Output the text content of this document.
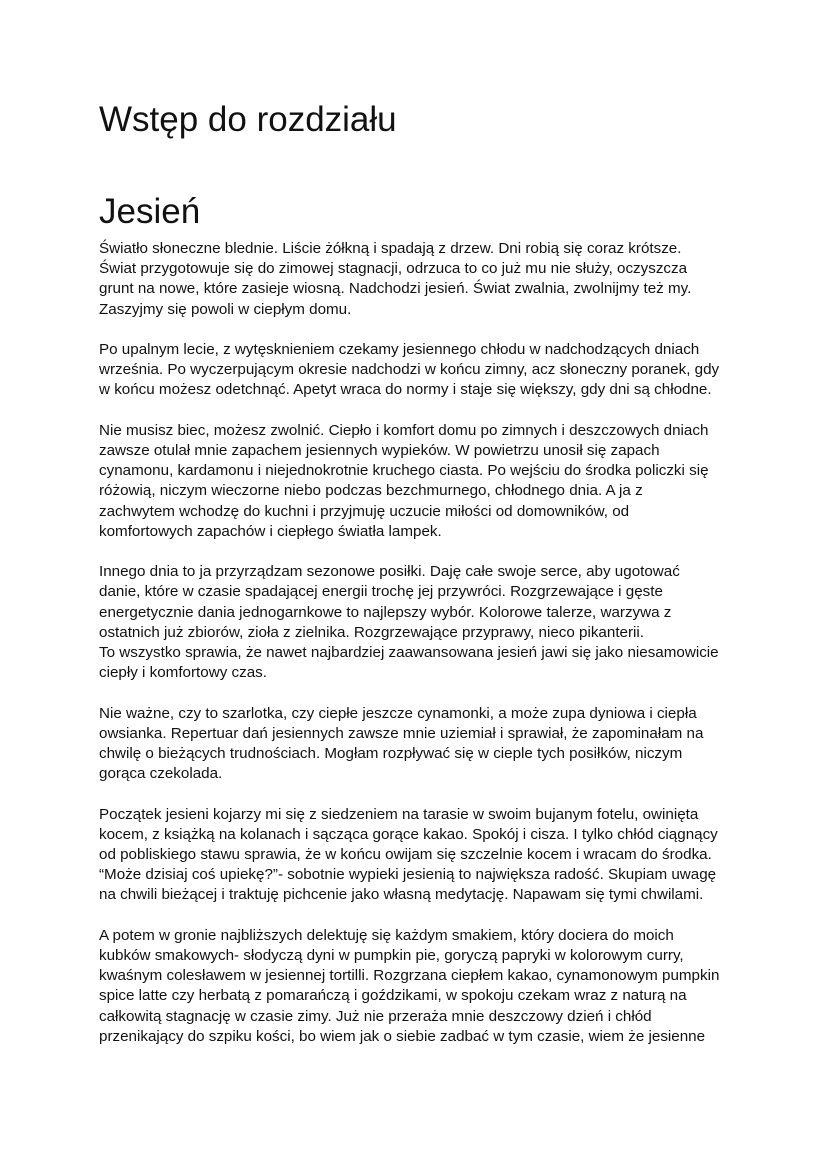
Wstęp do rozdziału
Jesień
Światło słoneczne blednie. Liście żółkną i spadają z drzew. Dni robią się coraz krótsze.
Świat przygotowuje się do zimowej stagnacji, odrzuca to co już mu nie służy, oczyszcza
grunt na nowe, które zasieje wiosną. Nadchodzi jesień. Świat zwalnia, zwolnijmy też my.
Zaszyjmy się powoli w ciepłym domu.
Po upalnym lecie, z wytęsknieniem czekamy jesiennego chłodu w nadchodzących dniach
września. Po wyczerpującym okresie nadchodzi w końcu zimny, acz słoneczny poranek, gdy
w końcu możesz odetchnąć. Apetyt wraca do normy i staje się większy, gdy dni są chłodne.
Nie musisz biec, możesz zwolnić. Ciepło i komfort domu po zimnych i deszczowych dniach
zawsze otulał mnie zapachem jesiennych wypieków. W powietrzu unosił się zapach
cynamonu, kardamonu i niejednokrotnie kruchego ciasta. Po wejściu do środka policzki się
różowią, niczym wieczorne niebo podczas bezchmurnego, chłodnego dnia. A ja z
zachwytem wchodzę do kuchni i przyjmuję uczucie miłości od domowników, od
komfortowych zapachów i ciepłego światła lampek.
Innego dnia to ja przyrządzam sezonowe posiłki. Daję całe swoje serce, aby ugotować
danie, które w czasie spadającej energii trochę jej przywróci. Rozgrzewające i gęste
energetycznie dania jednogarnkowe to najlepszy wybór. Kolorowe talerze, warzywa z
ostatnich już zbiorów, zioła z zielnika. Rozgrzewające przyprawy, nieco pikanterii.
To wszystko sprawia, że nawet najbardziej zaawansowana jesień jawi się jako niesamowicie
ciepły i komfortowy czas.
Nie ważne, czy to szarlotka, czy ciepłe jeszcze cynamonki, a może zupa dyniowa i ciepła
owsianka. Repertuar dań jesiennych zawsze mnie uziemiał i sprawiał, że zapominałam na
chwilę o bieżących trudnościach. Mogłam rozpływać się w cieple tych posiłków, niczym
gorąca czekolada.
Początek jesieni kojarzy mi się z siedzeniem na tarasie w swoim bujanym fotelu, owinięta
kocem, z książką na kolanach i sącząca gorące kakao. Spokój i cisza. I tylko chłód ciągnący
od pobliskiego stawu sprawia, że w końcu owijam się szczelnie kocem i wracam do środka.
“Może dzisiaj coś upiekę?”- sobotnie wypieki jesienią to największa radość. Skupiam uwagę
na chwili bieżącej i traktuję pichcenie jako własną medytację. Napawam się tymi chwilami.
A potem w gronie najbliższych delektuję się każdym smakiem, który dociera do moich
kubków smakowych- słodyczą dyni w pumpkin pie, goryczą papryki w kolorowym curry,
kwaśnym colesławem w jesiennej tortilli. Rozgrzana ciepłem kakao, cynamonowym pumpkin
spice latte czy herbatą z pomarańczą i goździkami, w spokoju czekam wraz z naturą na
całkowitą stagnację w czasie zimy. Już nie przeraża mnie deszczowy dzień i chłód
przenikający do szpiku kości, bo wiem jak o siebie zadbać w tym czasie, wiem że jesienne
